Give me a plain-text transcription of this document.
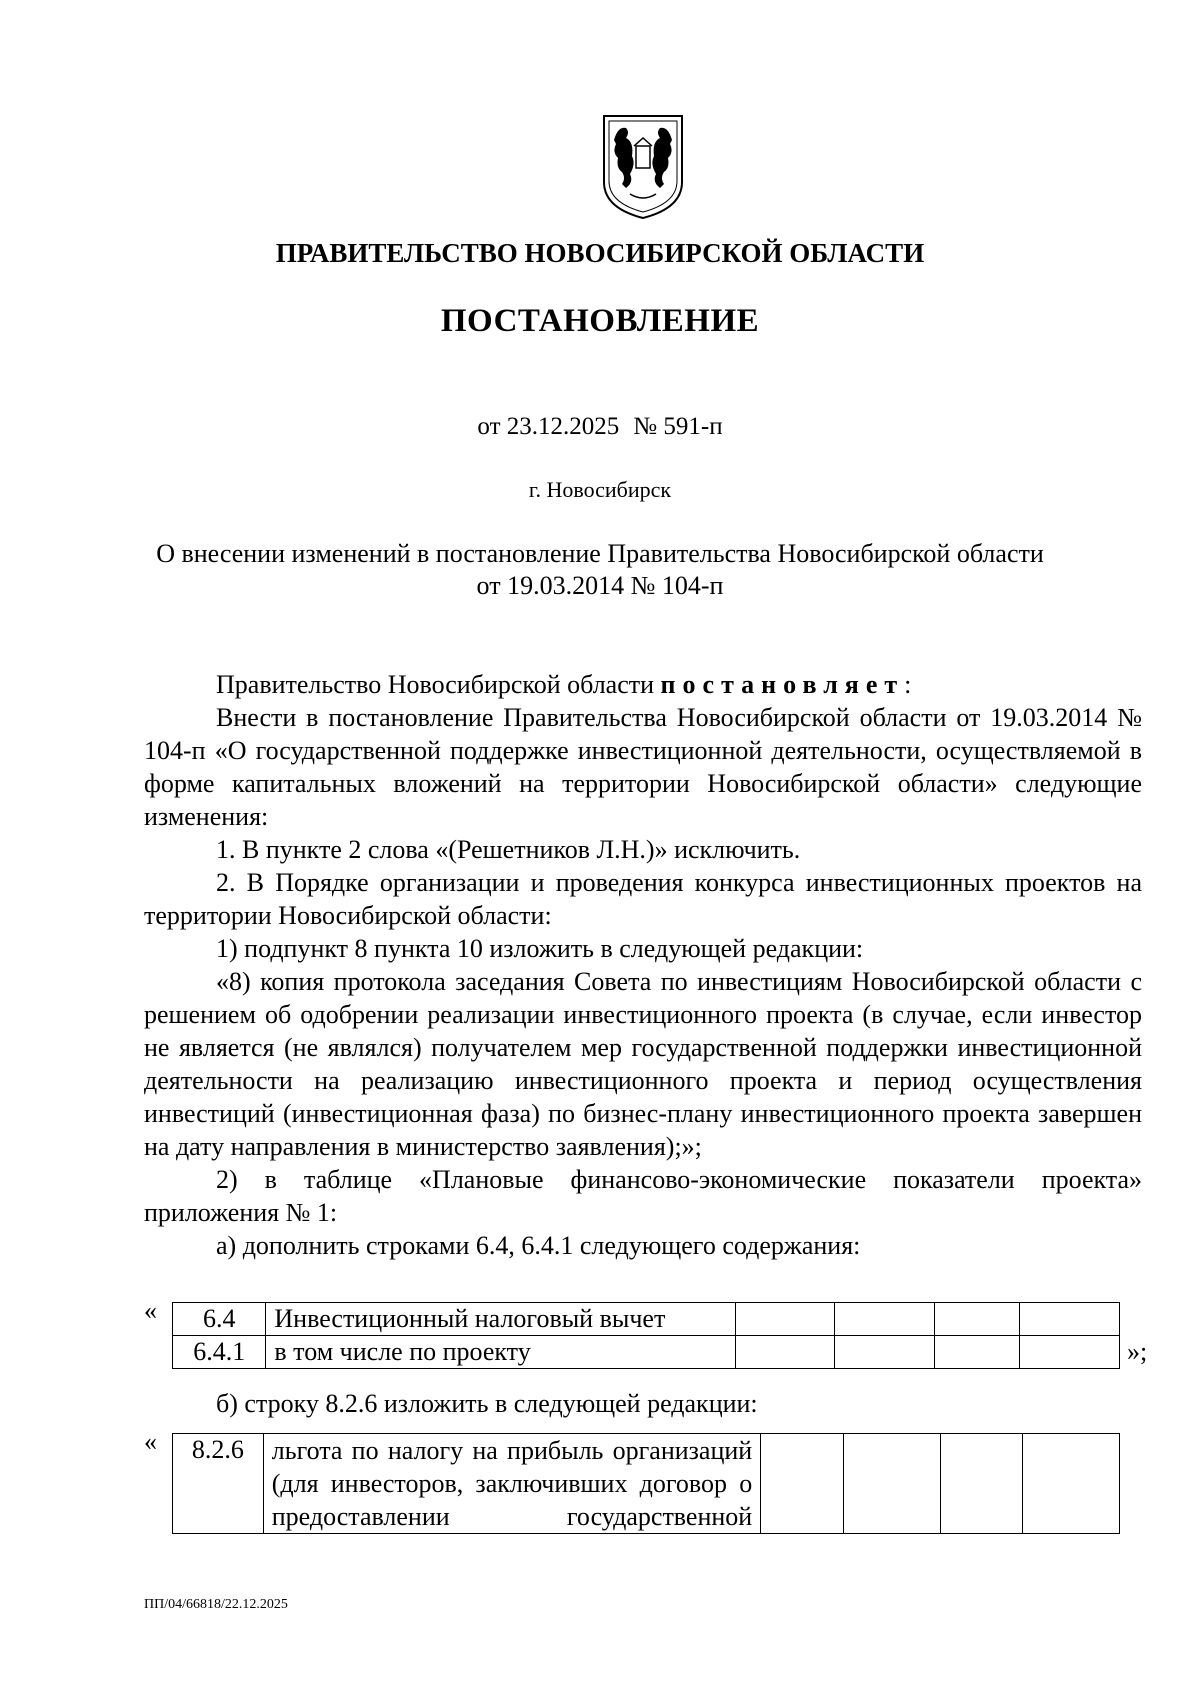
ПРАВИТЕЛЬСТВО НОВОСИБИРСКОЙ ОБЛАСТИ
ПОСТАНОВЛЕНИЕ
от 23.12.2025 № 591-п
г. Новосибирск
О внесении изменений в постановление Правительства Новосибирской области
от 19.03.2014 № 104-п
Правительство Новосибирской области постановляет:
Внести в постановление Правительства Новосибирской области от 19.03.2014 № 104-п «О государственной поддержке инвестиционной деятельности, осуществляемой в форме капитальных вложений на территории Новосибирской области» следующие изменения:
1. В пункте 2 слова «(Решетников Л.Н.)» исключить.
2. В Порядке организации и проведения конкурса инвестиционных проектов на территории Новосибирской области:
1) подпункт 8 пункта 10 изложить в следующей редакции:
«8) копия протокола заседания Совета по инвестициям Новосибирской области с решением об одобрении реализации инвестиционного проекта (в случае, если инвестор не является (не являлся) получателем мер государственной поддержки инвестиционной деятельности на реализацию инвестиционного проекта и период осуществления инвестиций (инвестиционная фаза) по бизнес-плану инвестиционного проекта завершен на дату направления в министерство заявления);»;
2) в таблице «Плановые финансово-экономические показатели проекта» приложения № 1:
а) дополнить строками 6.4, 6.4.1 следующего содержания:
« 6.4	Инвестиционный налоговый вычет				
6.4.1	в том числе по проекту					»;
б) строку 8.2.6 изложить в следующей редакции:
« 8.2.6	льгота по налогу на прибыль организаций (для инвесторов, заключивших договор о предоставлении государственной				
ПП/04/66818/22.12.2025
